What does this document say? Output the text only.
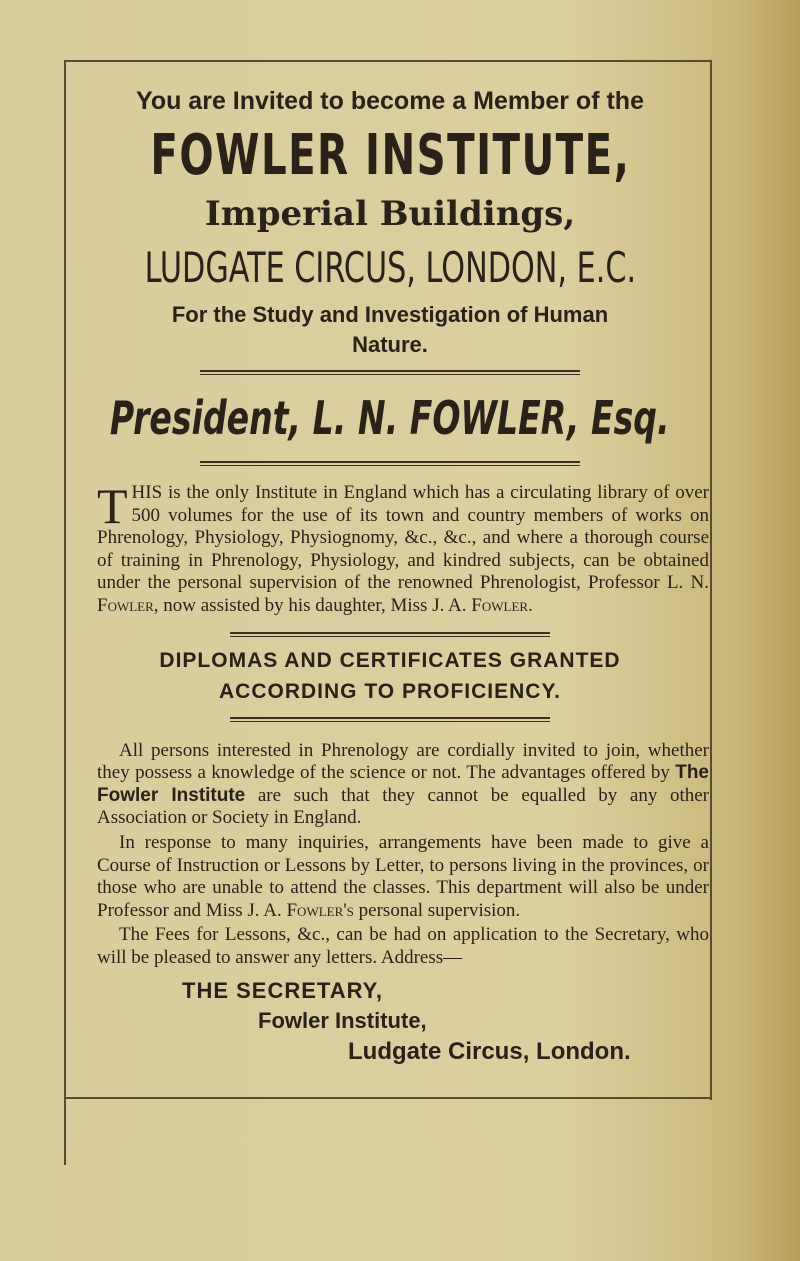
You are Invited to become a Member of the
FOWLER INSTITUTE,
Imperial Buildings,
LUDGATE CIRCUS, LONDON, E.C.
For the Study and Investigation of Human Nature.
President, L. N. FOWLER, Esq.

THIS is the only Institute in England which has a circulating library of over 500 volumes for the use of its town and country members of works on Phrenology, Physiology, Physiognomy, &c., &c., and where a thorough course of training in Phrenology, Physiology, and kindred subjects, can be obtained under the personal supervision of the renowned Phrenologist, Professor L. N. Fowler, now assisted by his daughter, Miss J. A. Fowler.

DIPLOMAS AND CERTIFICATES GRANTED ACCORDING TO PROFICIENCY.

All persons interested in Phrenology are cordially invited to join, whether they possess a knowledge of the science or not. The advantages offered by The Fowler Institute are such that they cannot be equalled by any other Association or Society in England.

In response to many inquiries, arrangements have been made to give a Course of Instruction or Lessons by Letter, to persons living in the provinces, or those who are unable to attend the classes. This department will also be under Professor and Miss J. A. Fowler's personal supervision.

The Fees for Lessons, &c., can be had on application to the Secretary, who will be pleased to answer any letters. Address—

THE SECRETARY,
Fowler Institute,
Ludgate Circus, London.
